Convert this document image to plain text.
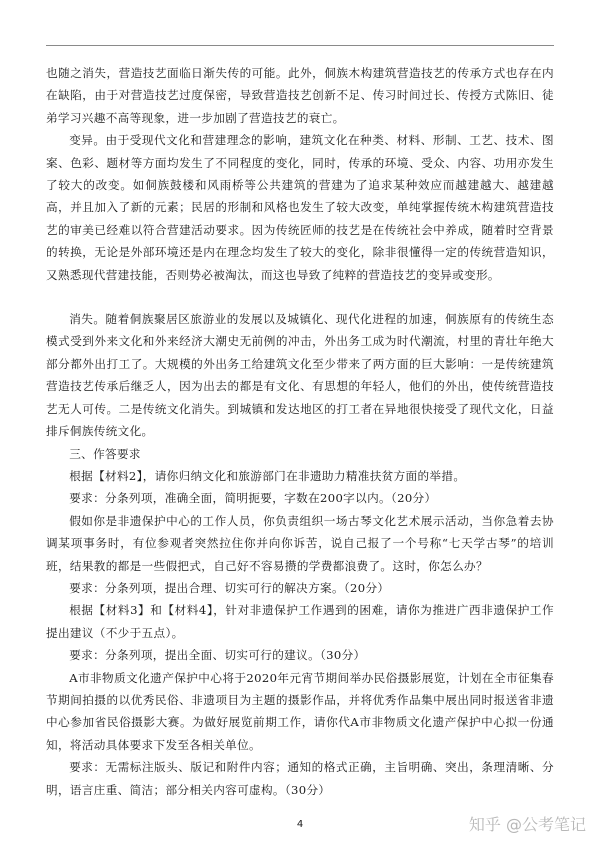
也随之消失，营造技艺面临日渐失传的可能。此外，侗族木构建筑营造技艺的传承方式也存在内在缺陷，由于对营造技艺过度保密，导致营造技艺创新不足、传习时间过长、传授方式陈旧、徒弟学习兴趣不高等现象，进一步加剧了营造技艺的衰亡。

变异。由于受现代文化和营建理念的影响，建筑文化在种类、材料、形制、工艺、技术、图案、色彩、题材等方面均发生了不同程度的变化，同时，传承的环境、受众、内容、功用亦发生了较大的改变。如侗族鼓楼和风雨桥等公共建筑的营建为了追求某种效应而越建越大、越建越高，并且加入了新的元素；民居的形制和风格也发生了较大改变，单纯掌握传统木构建筑营造技艺的审美已经难以符合营建活动要求。因为传统匠师的技艺是在传统社会中养成，随着时空背景的转换，无论是外部环境还是内在理念均发生了较大的变化，除非很懂得一定的传统营造知识，又熟悉现代营建技能，否则势必被淘汰，而这也导致了纯粹的营造技艺的变异或变形。

消失。随着侗族聚居区旅游业的发展以及城镇化、现代化进程的加速，侗族原有的传统生态模式受到外来文化和外来经济大潮史无前例的冲击，外出务工成为时代潮流，村里的青壮年绝大部分都外出打工了。大规模的外出务工给建筑文化至少带来了两方面的巨大影响：一是传统建筑营造技艺传承后继乏人，因为出去的都是有文化、有思想的年轻人，他们的外出，使传统营造技艺无人可传。二是传统文化消失。到城镇和发达地区的打工者在异地很快接受了现代文化，日益排斥侗族传统文化。

三、作答要求

根据【材料2】，请你归纳文化和旅游部门在非遗助力精准扶贫方面的举措。

要求：分条列项，准确全面，简明扼要，字数在200字以内。（20分）

假如你是非遗保护中心的工作人员，你负责组织一场古琴文化艺术展示活动，当你急着去协调某项事务时，有位参观者突然拉住你并向你诉苦，说自己报了一个号称“七天学古琴”的培训班，结果教的都是一些假把式，自己好不容易攒的学费都浪费了。这时，你怎么办？

要求：分条列项，提出合理、切实可行的解决方案。（20分）

根据【材料3】和【材料4】，针对非遗保护工作遇到的困难，请你为推进广西非遗保护工作提出建议（不少于五点）。

要求：分条列项，提出全面、切实可行的建议。（30分）

A市非物质文化遗产保护中心将于2020年元宵节期间举办民俗摄影展览，计划在全市征集春节期间拍摄的以优秀民俗、非遗项目为主题的摄影作品，并将优秀作品集中展出同时报送省非遗中心参加省民俗摄影大赛。为做好展览前期工作，请你代A市非物质文化遗产保护中心拟一份通知，将活动具体要求下发至各相关单位。

要求：无需标注版头、版记和附件内容；通知的格式正确，主旨明确、突出，条理清晰、分明，语言庄重、简洁；部分相关内容可虚构。（30分）

4	知乎 @公考笔记
